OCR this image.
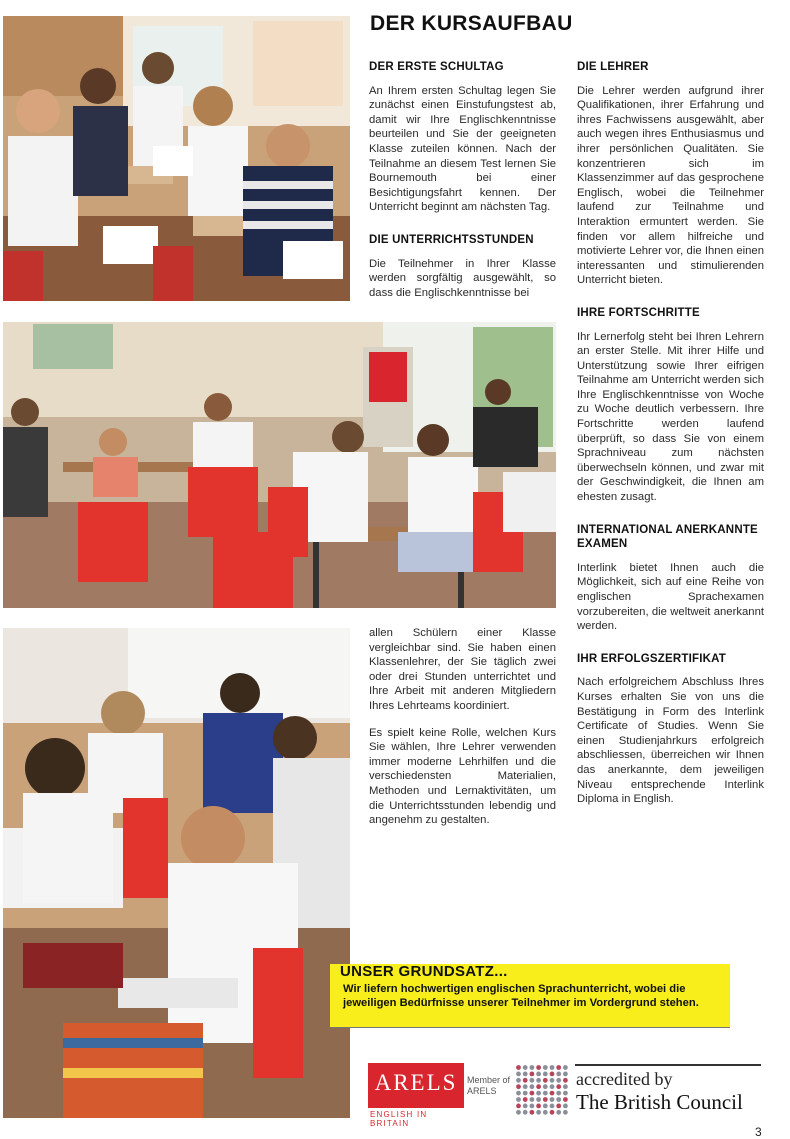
DER KURSAUFBAU
DER ERSTE SCHULTAG

An Ihrem ersten Schultag legen Sie zunächst einen Einstufungstest ab, damit wir Ihre Englischkenntnisse beurteilen und Sie der geeigneten Klasse zuteilen können. Nach der Teilnahme an diesem Test lernen Sie Bournemouth bei einer Besichtigungsfahrt kennen. Der Unterricht beginnt am nächsten Tag.

DIE UNTERRICHTSSTUNDEN

Die Teilnehmer in Ihrer Klasse werden sorgfältig ausgewählt, so dass die Englischkenntnisse bei

allen Schülern einer Klasse vergleichbar sind. Sie haben einen Klassenlehrer, der Sie täglich zwei oder drei Stunden unterrichtet und Ihre Arbeit mit anderen Mitgliedern Ihres Lehrteams koordiniert.

Es spielt keine Rolle, welchen Kurs Sie wählen, Ihre Lehrer verwenden immer moderne Lehrhilfen und die verschiedensten Materialien, Methoden und Lernaktivitäten, um die Unterrichtsstunden lebendig und angenehm zu gestalten.

DIE LEHRER

Die Lehrer werden aufgrund ihrer Qualifikationen, ihrer Erfahrung und ihres Fachwissens ausgewählt, aber auch wegen ihres Enthusiasmus und ihrer persönlichen Qualitäten. Sie konzentrieren sich im Klassenzimmer auf das gesprochene Englisch, wobei die Teilnehmer laufend zur Teilnahme und Interaktion ermuntert werden. Sie finden vor allem hilfreiche und motivierte Lehrer vor, die Ihnen einen interessanten und stimulierenden Unterricht bieten.

IHRE FORTSCHRITTE

Ihr Lernerfolg steht bei Ihren Lehrern an erster Stelle. Mit ihrer Hilfe und Unterstützung sowie Ihrer eifrigen Teilnahme am Unterricht werden sich Ihre Englischkenntnisse von Woche zu Woche deutlich verbessern. Ihre Fortschritte werden laufend überprüft, so dass Sie von einem Sprachniveau zum nächsten überwechseln können, und zwar mit der Geschwindigkeit, die Ihnen am ehesten zusagt.

INTERNATIONAL ANERKANNTE EXAMEN

Interlink bietet Ihnen auch die Möglichkeit, sich auf eine Reihe von englischen Sprachexamen vorzubereiten, die weltweit anerkannt werden.

IHR ERFOLGSZERTIFIKAT

Nach erfolgreichem Abschluss Ihres Kurses erhalten Sie von uns die Bestätigung in Form des Interlink Certificate of Studies. Wenn Sie einen Studienjahrkurs erfolgreich abschliessen, überreichen wir Ihnen das anerkannte, dem jeweiligen Niveau entsprechende Interlink Diploma in English.

UNSER GRUNDSATZ...
Wir liefern hochwertigen englischen Sprachunterricht, wobei die jeweiligen Bedürfnisse unserer Teilnehmer im Vordergrund stehen.
ARELS Member of ARELS
ENGLISH IN BRITAIN
accredited by
The British Council
3
